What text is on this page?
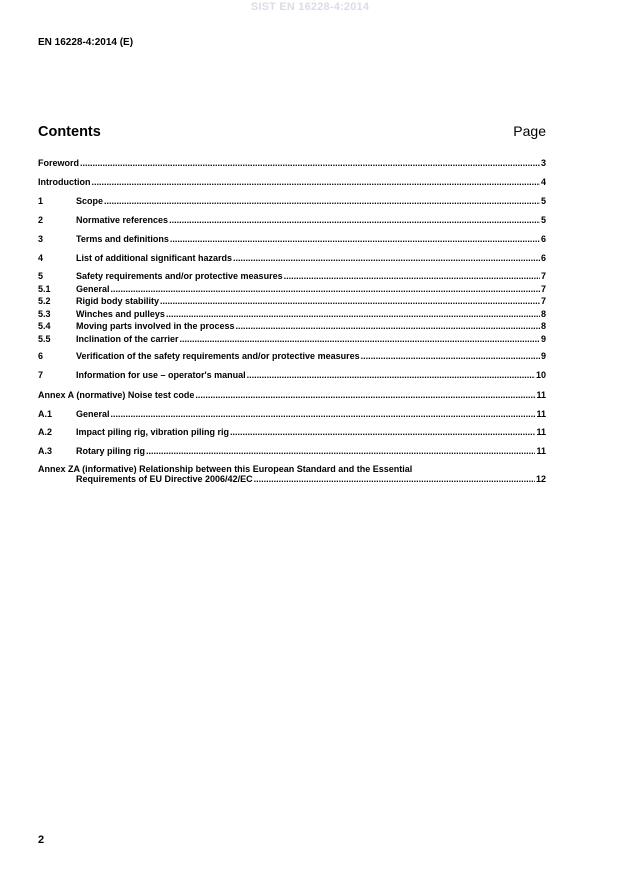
SIST EN 16228-4:2014
EN 16228-4:2014 (E)
Contents	Page
Foreword .....	3
Introduction .....	4
1	Scope .....	5
2	Normative references .....	5
3	Terms and definitions .....	6
4	List of additional significant hazards .....	6
5	Safety requirements and/or protective measures .....	7
5.1	General .....	7
5.2	Rigid body stability .....	7
5.3	Winches and pulleys .....	8
5.4	Moving parts involved in the process .....	8
5.5	Inclination of the carrier .....	9
6	Verification of the safety requirements and/or protective measures .....	9
7	Information for use – operator's manual .....	10
Annex A (normative) Noise test code .....	11
A.1	General .....	11
A.2	Impact piling rig, vibration piling rig .....	11
A.3	Rotary piling rig .....	11
Annex ZA (informative) Relationship between this European Standard and the Essential
Requirements of EU Directive 2006/42/EC .....	12
2
